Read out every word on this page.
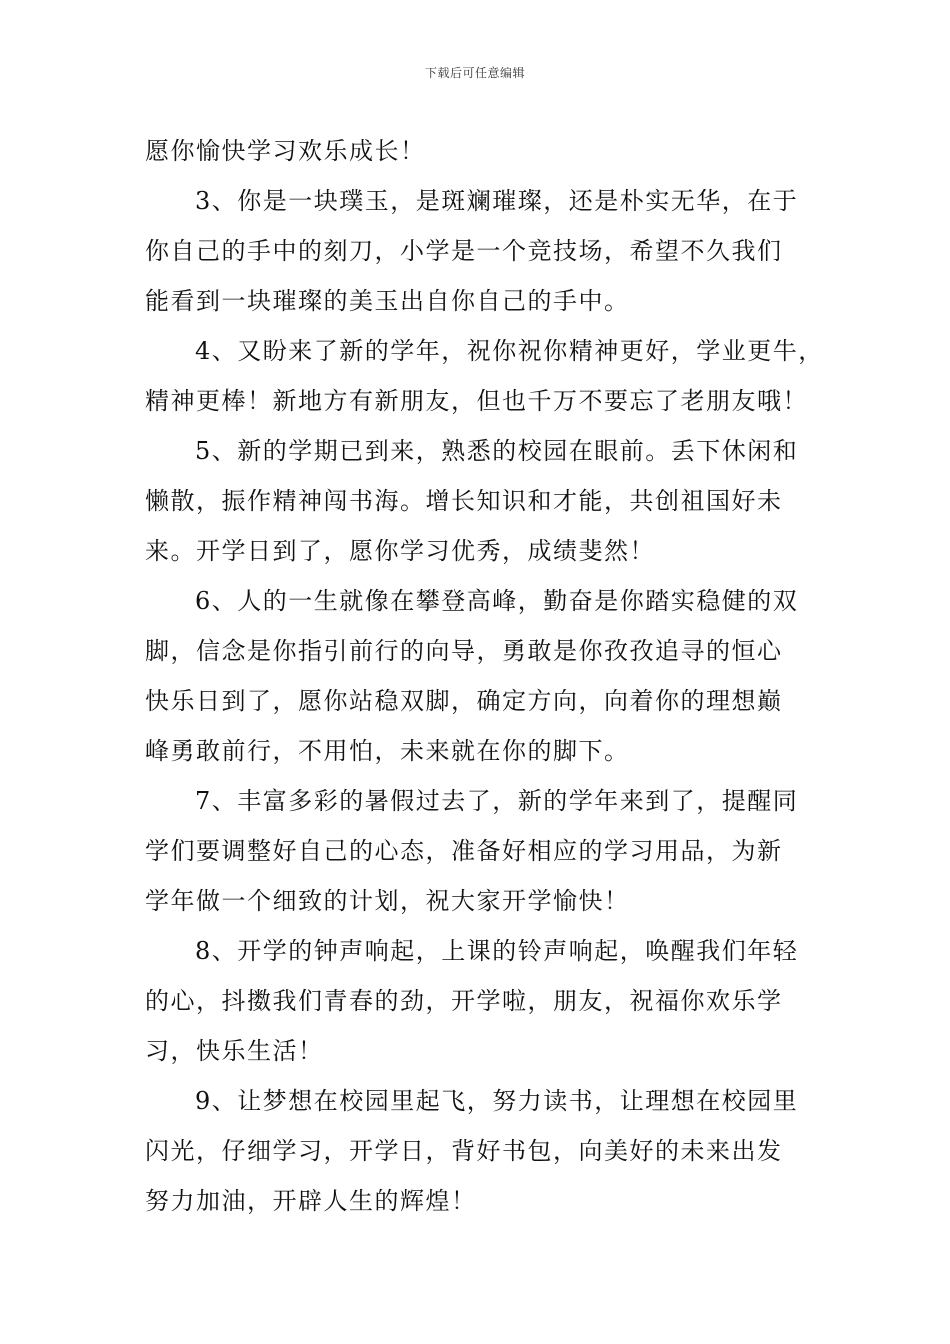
下载后可任意编辑
愿你愉快学习欢乐成长！
3、你是一块璞玉，是斑斓璀璨，还是朴实无华，在于
你自己的手中的刻刀，小学是一个竞技场，希望不久我们
能看到一块璀璨的美玉出自你自己的手中。
4、又盼来了新的学年，祝你祝你精神更好，学业更牛，
精神更棒！新地方有新朋友，但也千万不要忘了老朋友哦！
5、新的学期已到来，熟悉的校园在眼前。丢下休闲和
懒散，振作精神闯书海。增长知识和才能，共创祖国好未
来。开学日到了，愿你学习优秀，成绩斐然！
6、人的一生就像在攀登高峰，勤奋是你踏实稳健的双
脚，信念是你指引前行的向导，勇敢是你孜孜追寻的恒心
快乐日到了，愿你站稳双脚，确定方向，向着你的理想巅
峰勇敢前行，不用怕，未来就在你的脚下。
7、丰富多彩的暑假过去了，新的学年来到了，提醒同
学们要调整好自己的心态，准备好相应的学习用品，为新
学年做一个细致的计划，祝大家开学愉快！
8、开学的钟声响起，上课的铃声响起，唤醒我们年轻
的心，抖擞我们青春的劲，开学啦，朋友，祝福你欢乐学
习，快乐生活！
9、让梦想在校园里起飞，努力读书，让理想在校园里
闪光，仔细学习，开学日，背好书包，向美好的未来出发
努力加油，开辟人生的辉煌！
